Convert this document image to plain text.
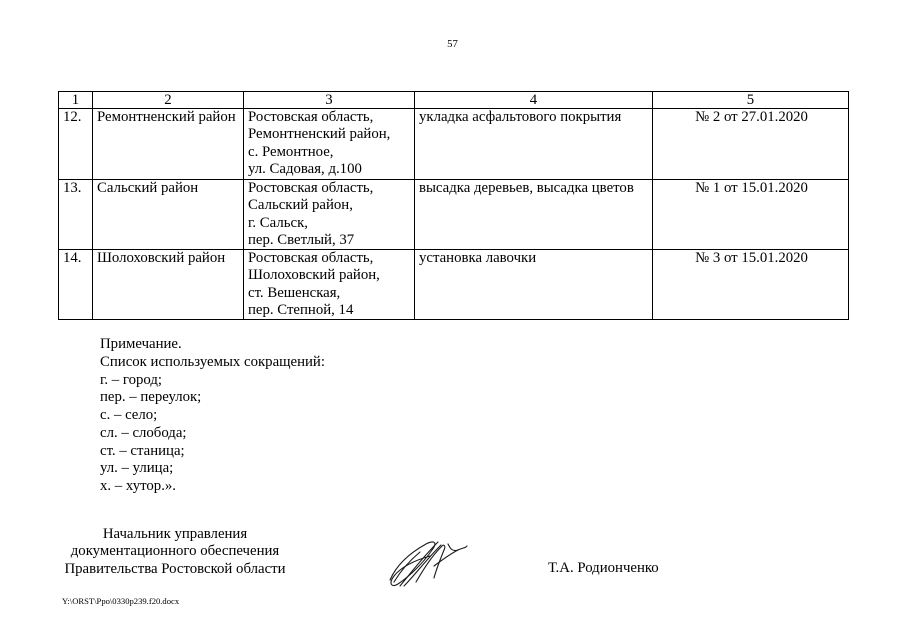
57
1	2	3	4	5
12.	Ремонтненский район	Ростовская область,
Ремонтненский район,
с. Ремонтное,
ул. Садовая, д.100	укладка асфальтового покрытия	№ 2 от 27.01.2020
13.	Сальский район	Ростовская область,
Сальский район,
г. Сальск,
пер. Светлый, 37	высадка деревьев, высадка цветов	№ 1 от 15.01.2020
14.	Шолоховский район	Ростовская область,
Шолоховский район,
ст. Вешенская,
пер. Степной, 14	установка лавочки	№ 3 от 15.01.2020
Примечание.
Список используемых сокращений:
г. – город;
пер. – переулок;
с. – село;
сл. – слобода;
ст. – станица;
ул. – улица;
х. – хутор.».
Начальник управления
документационного обеспечения
Правительства Ростовской области	Т.А. Родионченко
Y:\ORST\Ppo\0330p239.f20.docx
